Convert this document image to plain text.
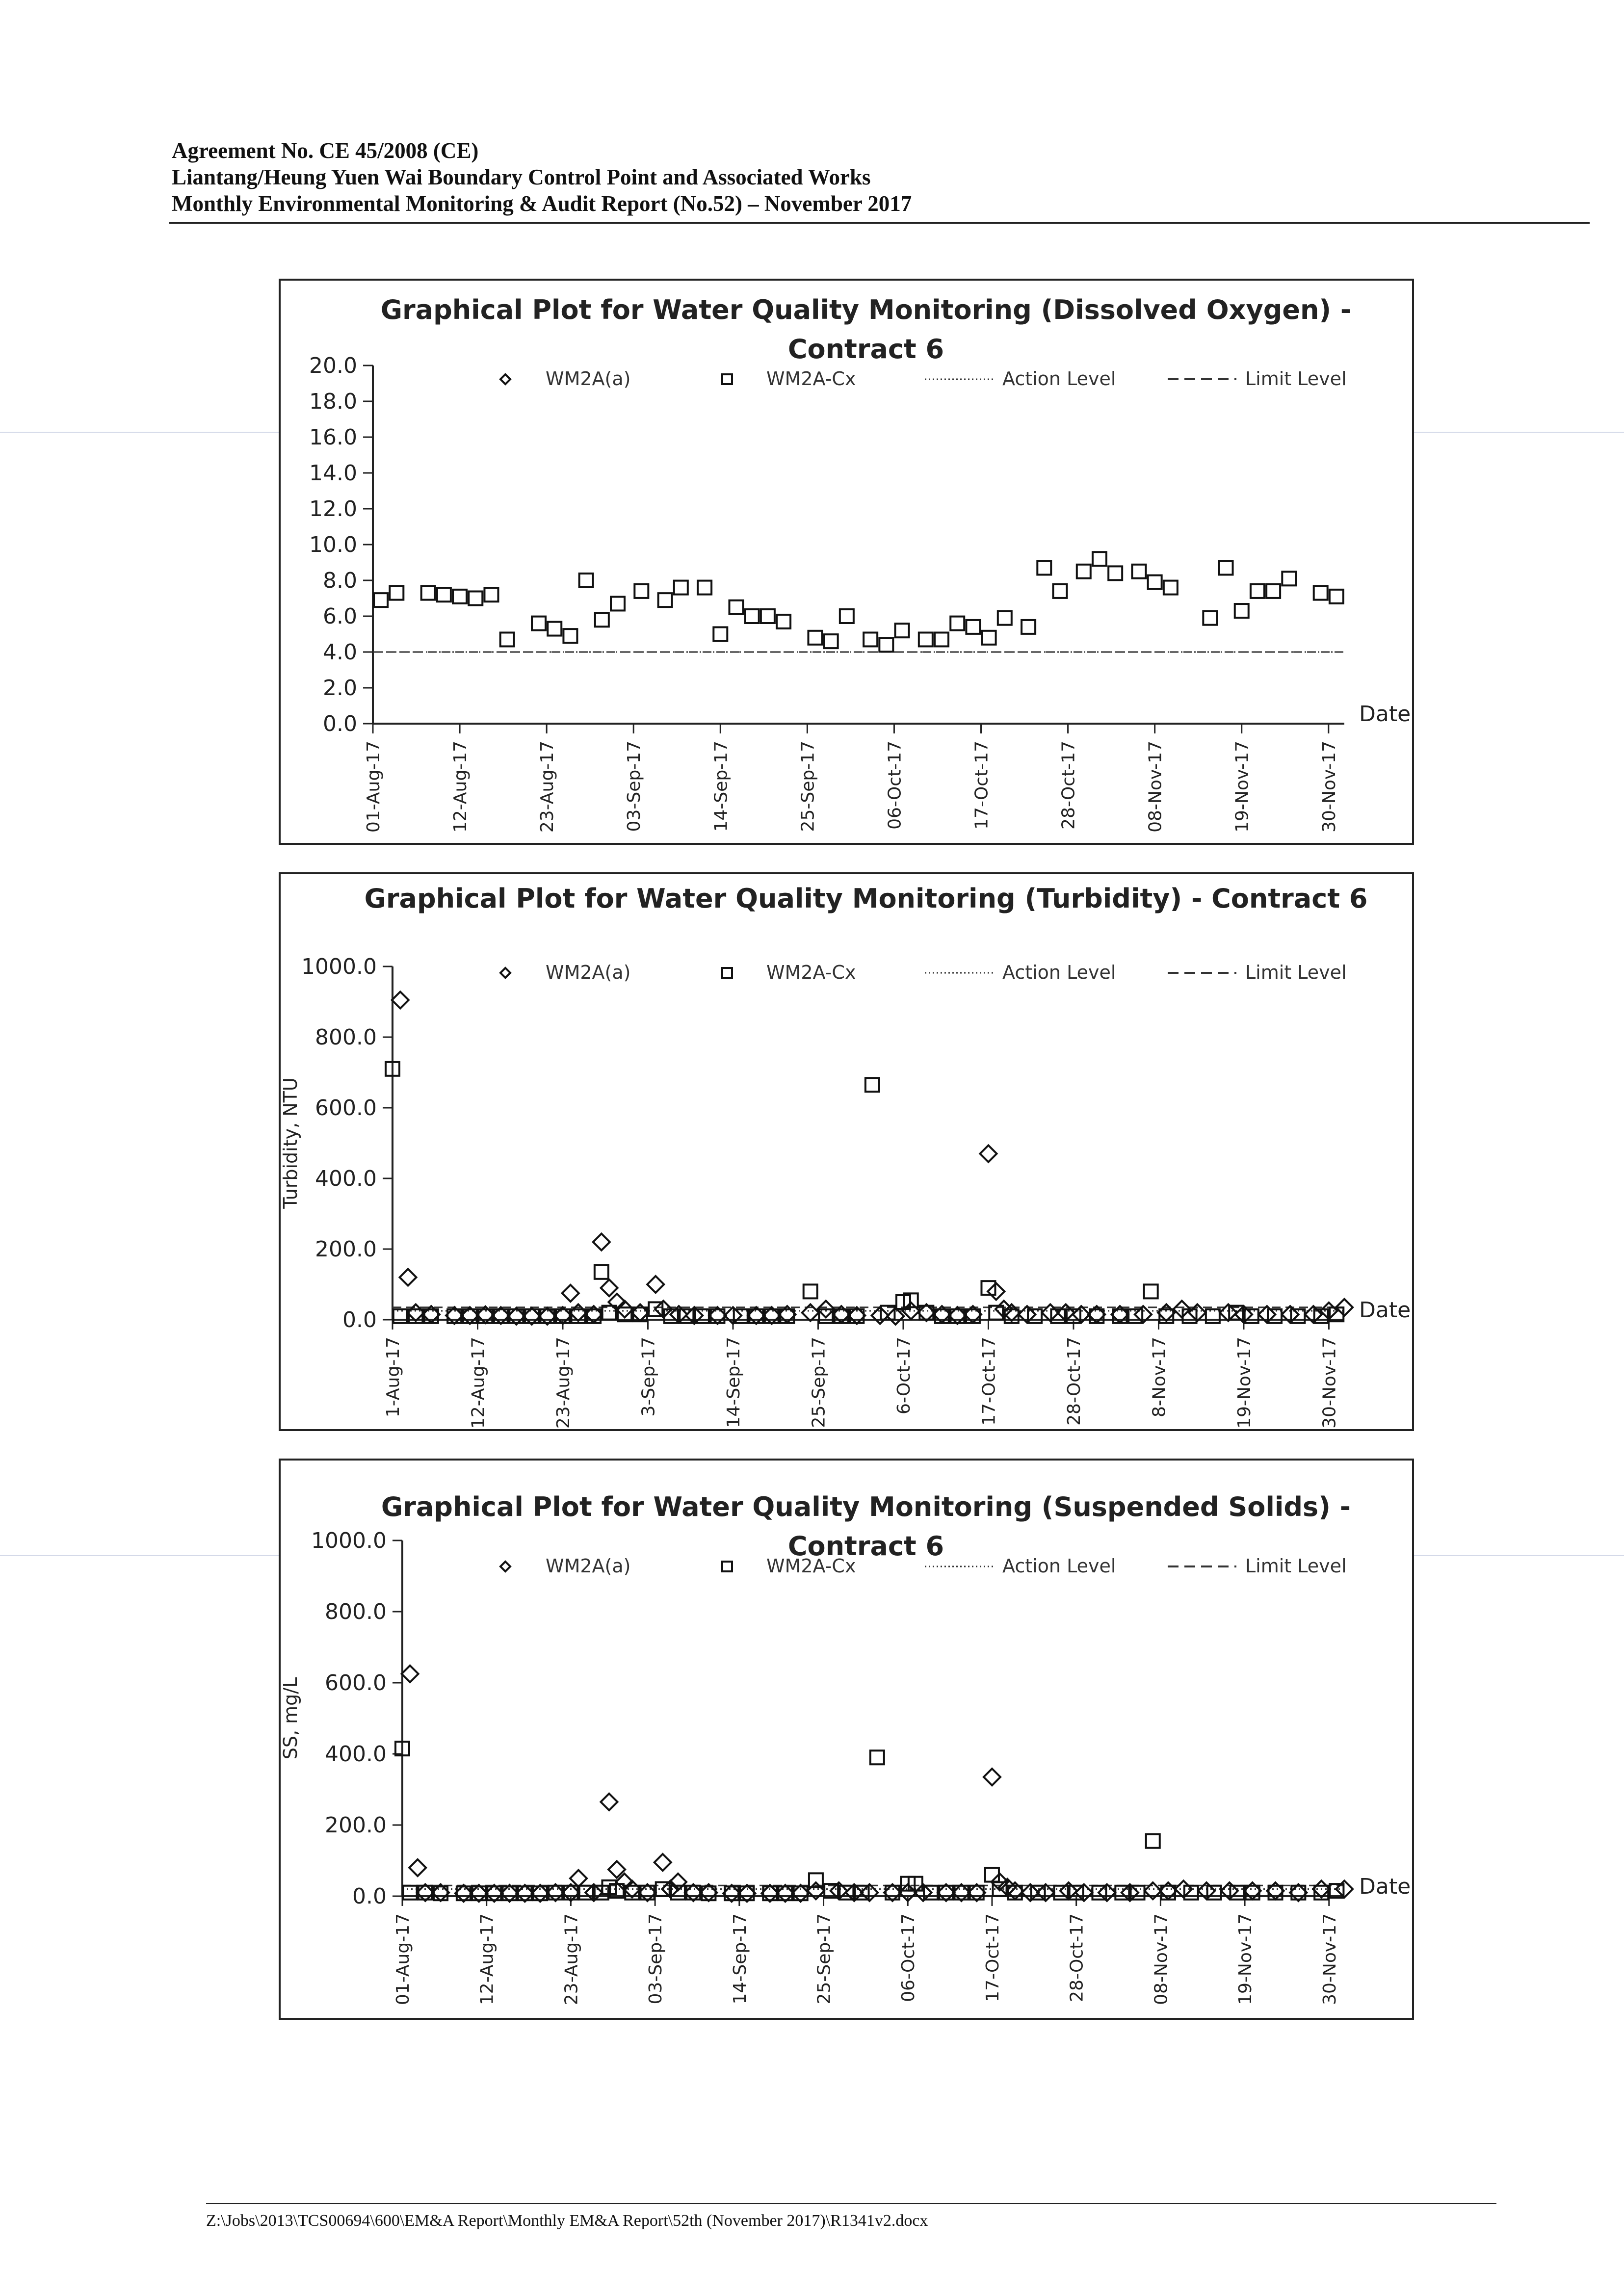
Agreement No. CE 45/2008 (CE)
Liantang/Heung Yuen Wai Boundary Control Point and Associated Works
Monthly Environmental Monitoring & Audit Report (No.52) – November 2017
Graphical Plot for Water Quality Monitoring (Dissolved Oxygen) -
Contract 6
0.0
2.0
4.0
6.0
8.0
10.0
12.0
14.0
16.0
18.0
20.0
01-Aug-17	12-Aug-17	23-Aug-17	03-Sep-17	14-Sep-17	25-Sep-17	06-Oct-17	17-Oct-17	28-Oct-17	08-Nov-17	19-Nov-17	30-Nov-17
Date
WM2A(a)	WM2A-Cx	Action Level	Limit Level
Graphical Plot for Water Quality Monitoring (Turbidity) - Contract 6
0.0
200.0
400.0
600.0
800.0
1000.0
1-Aug-17	12-Aug-17	23-Aug-17	3-Sep-17	14-Sep-17	25-Sep-17	6-Oct-17	17-Oct-17	28-Oct-17	8-Nov-17	19-Nov-17	30-Nov-17
Date
Turbidity, NTU
WM2A(a)	WM2A-Cx	Action Level	Limit Level
Graphical Plot for Water Quality Monitoring (Suspended Solids) -
Contract 6
0.0
200.0
400.0
600.0
800.0
1000.0
01-Aug-17	12-Aug-17	23-Aug-17	03-Sep-17	14-Sep-17	25-Sep-17	06-Oct-17	17-Oct-17	28-Oct-17	08-Nov-17	19-Nov-17	30-Nov-17
Date
SS, mg/L
WM2A(a)	WM2A-Cx	Action Level	Limit Level
Z:\Jobs\2013\TCS00694\600\EM&A Report\Monthly EM&A Report\52th (November 2017)\R1341v2.docx
